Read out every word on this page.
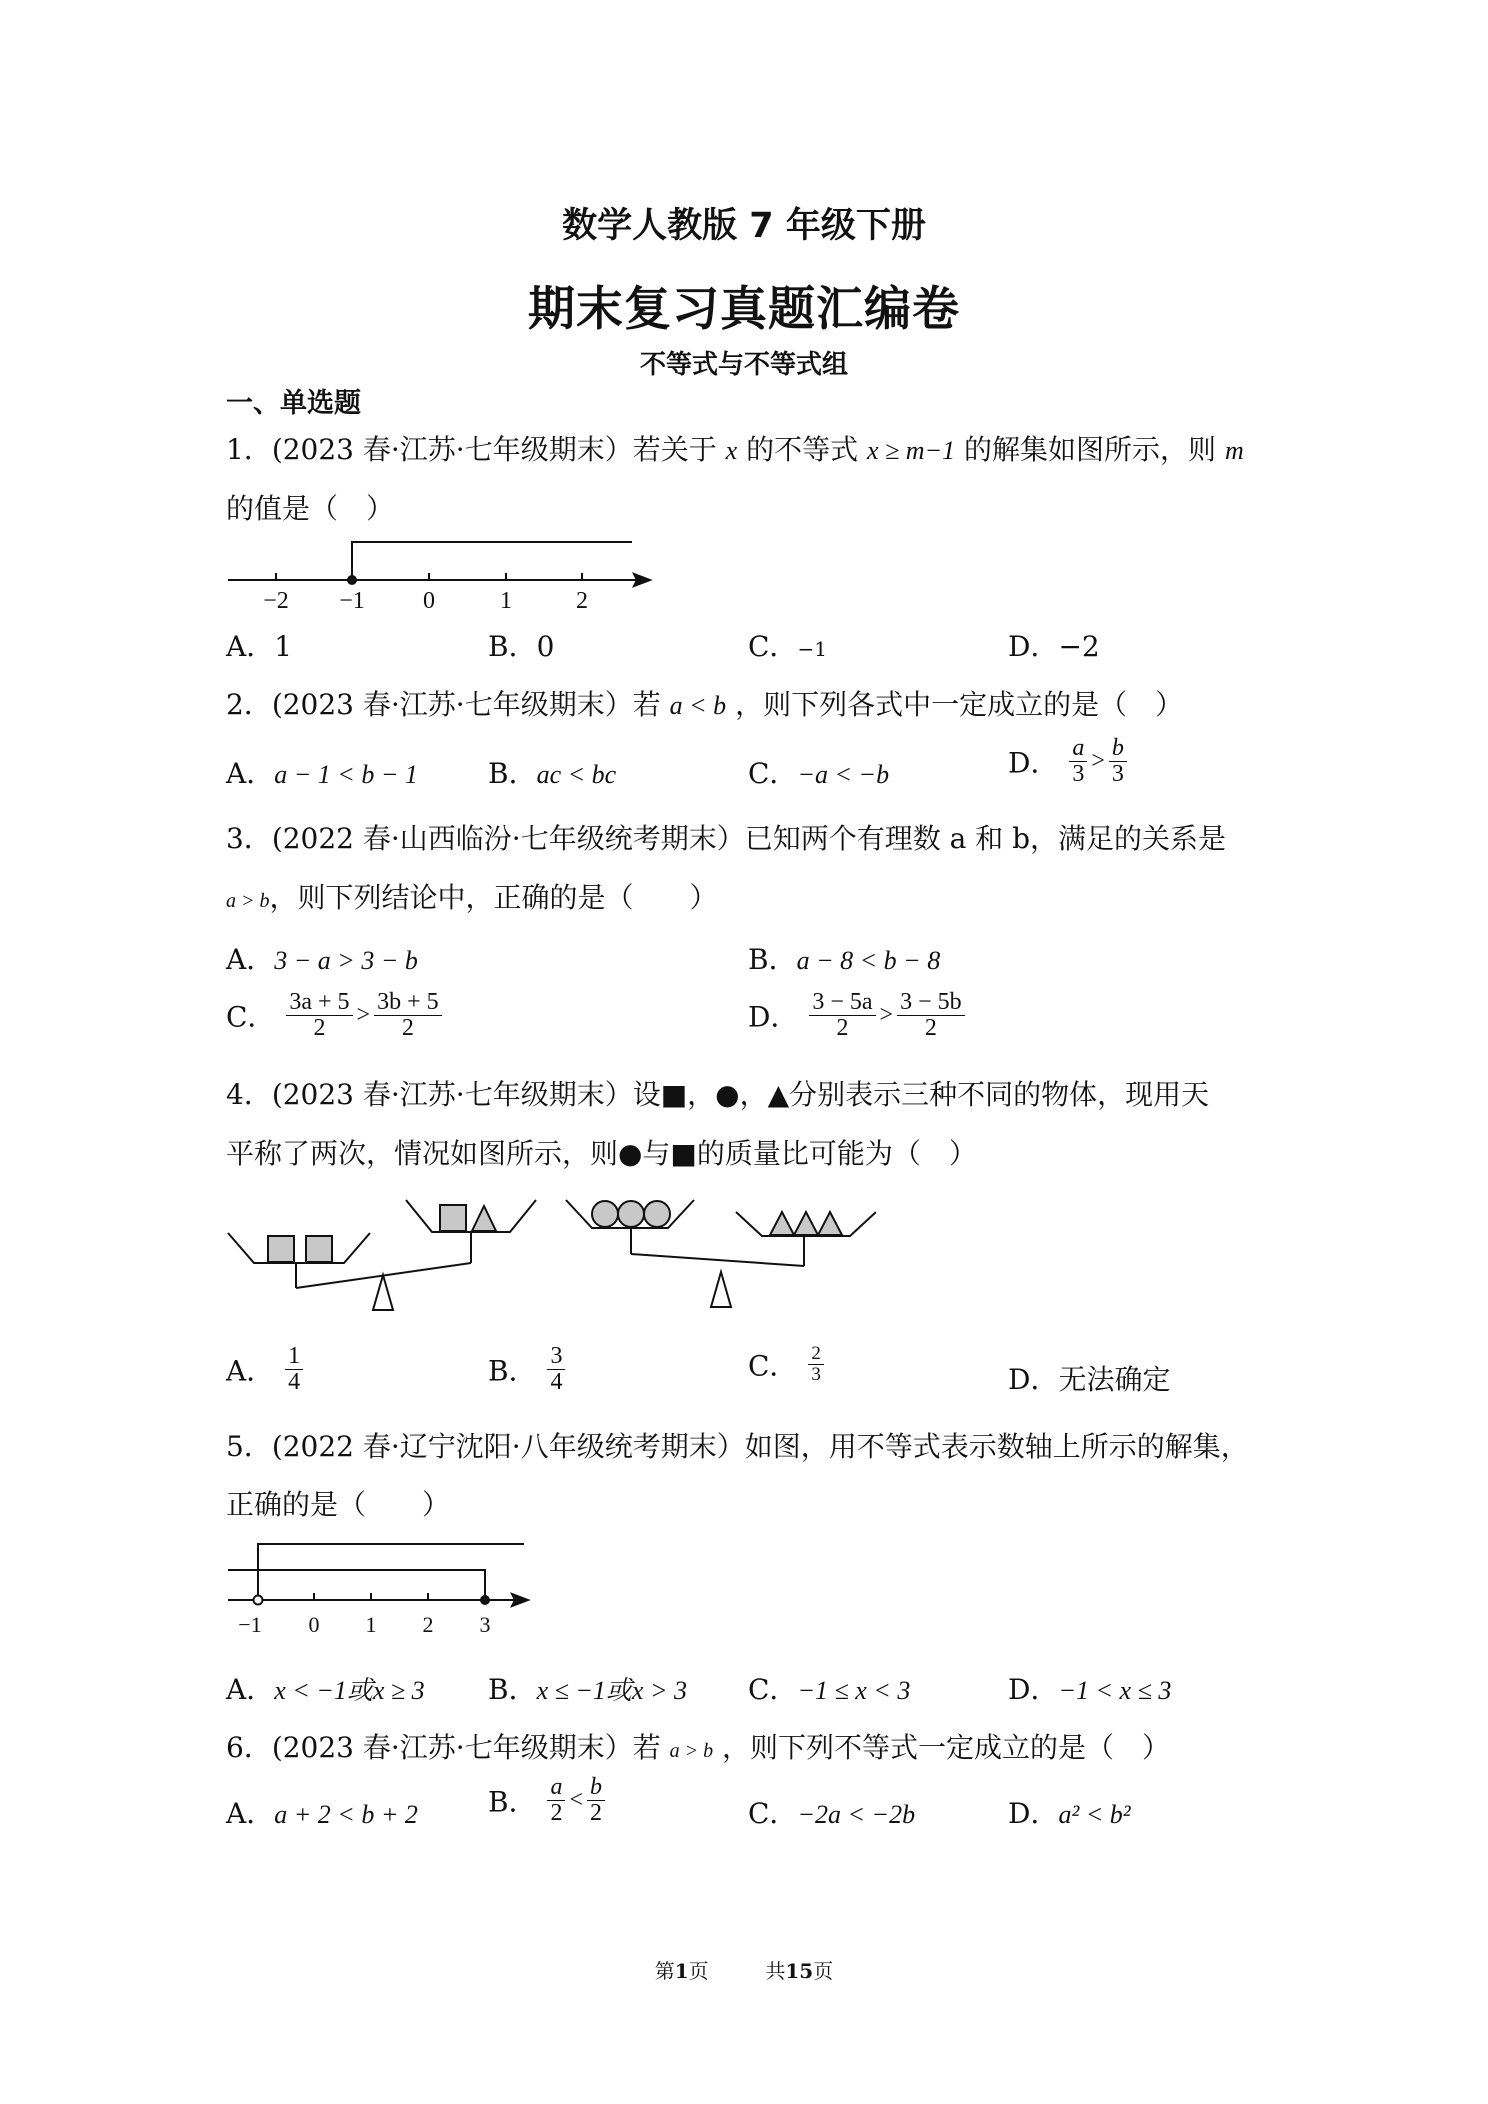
数学人教版 7 年级下册
期末复习真题汇编卷
不等式与不等式组
一、单选题
1．(2023 春·江苏·七年级期末）若关于 x 的不等式 x ≥ m−1 的解集如图所示，则 m
的值是（　）
−2 −1 0	1	2
A．1	B．0	C．−1	D．−2
2．(2023 春·江苏·七年级期末）若 a < b ，则下列各式中一定成立的是（　）
A．a − 1 < b − 1	B．ac < bc	C．−a < −b	D． $\frac{a}{3} > \frac{b}{3}$
3．(2022 春·山西临汾·七年级统考期末）已知两个有理数 a 和 b，满足的关系是
a > b，则下列结论中，正确的是（　　）
A．3 − a > 3 − b	B．a − 8 < b − 8
C． $\frac{3a + 5}{2} > \frac{3b + 5}{2}$	D． $\frac{3 - 5a}{2} > \frac{3 - 5b}{2}$
4．(2023 春·江苏·七年级期末）设■，●，▲分别表示三种不同的物体，现用天
平称了两次，情况如图所示，则●与■的质量比可能为（　）
A． $\frac{1}{4}$	B． $\frac{3}{4}$	C． $\frac{2}{3}$	D．无法确定
5．(2022 春·辽宁沈阳·八年级统考期末）如图，用不等式表示数轴上所示的解集，
正确的是（　　）
−1 0 1 2 3
A．x < −1或x ≥ 3 B．x ≤ −1或x > 3 C．−1 ≤ x < 3	D．−1 < x ≤ 3
6．(2023 春·江苏·七年级期末）若 a > b ，则下列不等式一定成立的是（　）
A．a + 2 < b + 2	B． $\frac{a}{2} < \frac{b}{2}$	C．−2a < −2b	D．a² < b²
第1页	共15页
